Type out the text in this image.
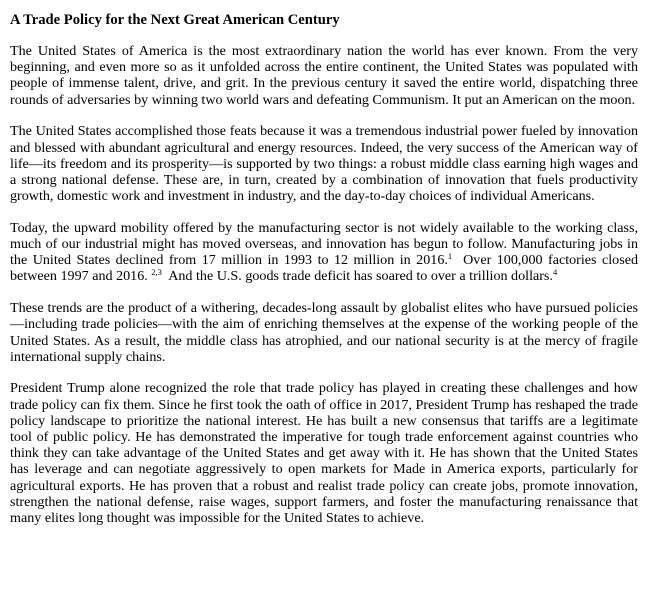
A Trade Policy for the Next Great American Century

The United States of America is the most extraordinary nation the world has ever known. From the very beginning, and even more so as it unfolded across the entire continent, the United States was populated with people of immense talent, drive, and grit. In the previous century it saved the entire world, dispatching three rounds of adversaries by winning two world wars and defeating Communism. It put an American on the moon.

The United States accomplished those feats because it was a tremendous industrial power fueled by innovation and blessed with abundant agricultural and energy resources. Indeed, the very success of the American way of life—its freedom and its prosperity—is supported by two things: a robust middle class earning high wages and a strong national defense. These are, in turn, created by a combination of innovation that fuels productivity growth, domestic work and investment in industry, and the day-to-day choices of individual Americans.

Today, the upward mobility offered by the manufacturing sector is not widely available to the working class, much of our industrial might has moved overseas, and innovation has begun to follow. Manufacturing jobs in the United States declined from 17 million in 1993 to 12 million in 2016.$^1$  Over 100,000 factories closed between 1997 and 2016. $^{2,3}$  And the U.S. goods trade deficit has soared to over a trillion dollars.$^4$

These trends are the product of a withering, decades-long assault by globalist elites who have pursued policies—including trade policies—with the aim of enriching themselves at the expense of the working people of the United States. As a result, the middle class has atrophied, and our national security is at the mercy of fragile international supply chains.

President Trump alone recognized the role that trade policy has played in creating these challenges and how trade policy can fix them. Since he first took the oath of office in 2017, President Trump has reshaped the trade policy landscape to prioritize the national interest. He has built a new consensus that tariffs are a legitimate tool of public policy. He has demonstrated the imperative for tough trade enforcement against countries who think they can take advantage of the United States and get away with it. He has shown that the United States has leverage and can negotiate aggressively to open markets for Made in America exports, particularly for agricultural exports. He has proven that a robust and realist trade policy can create jobs, promote innovation, strengthen the national defense, raise wages, support farmers, and foster the manufacturing renaissance that many elites long thought was impossible for the United States to achieve.
